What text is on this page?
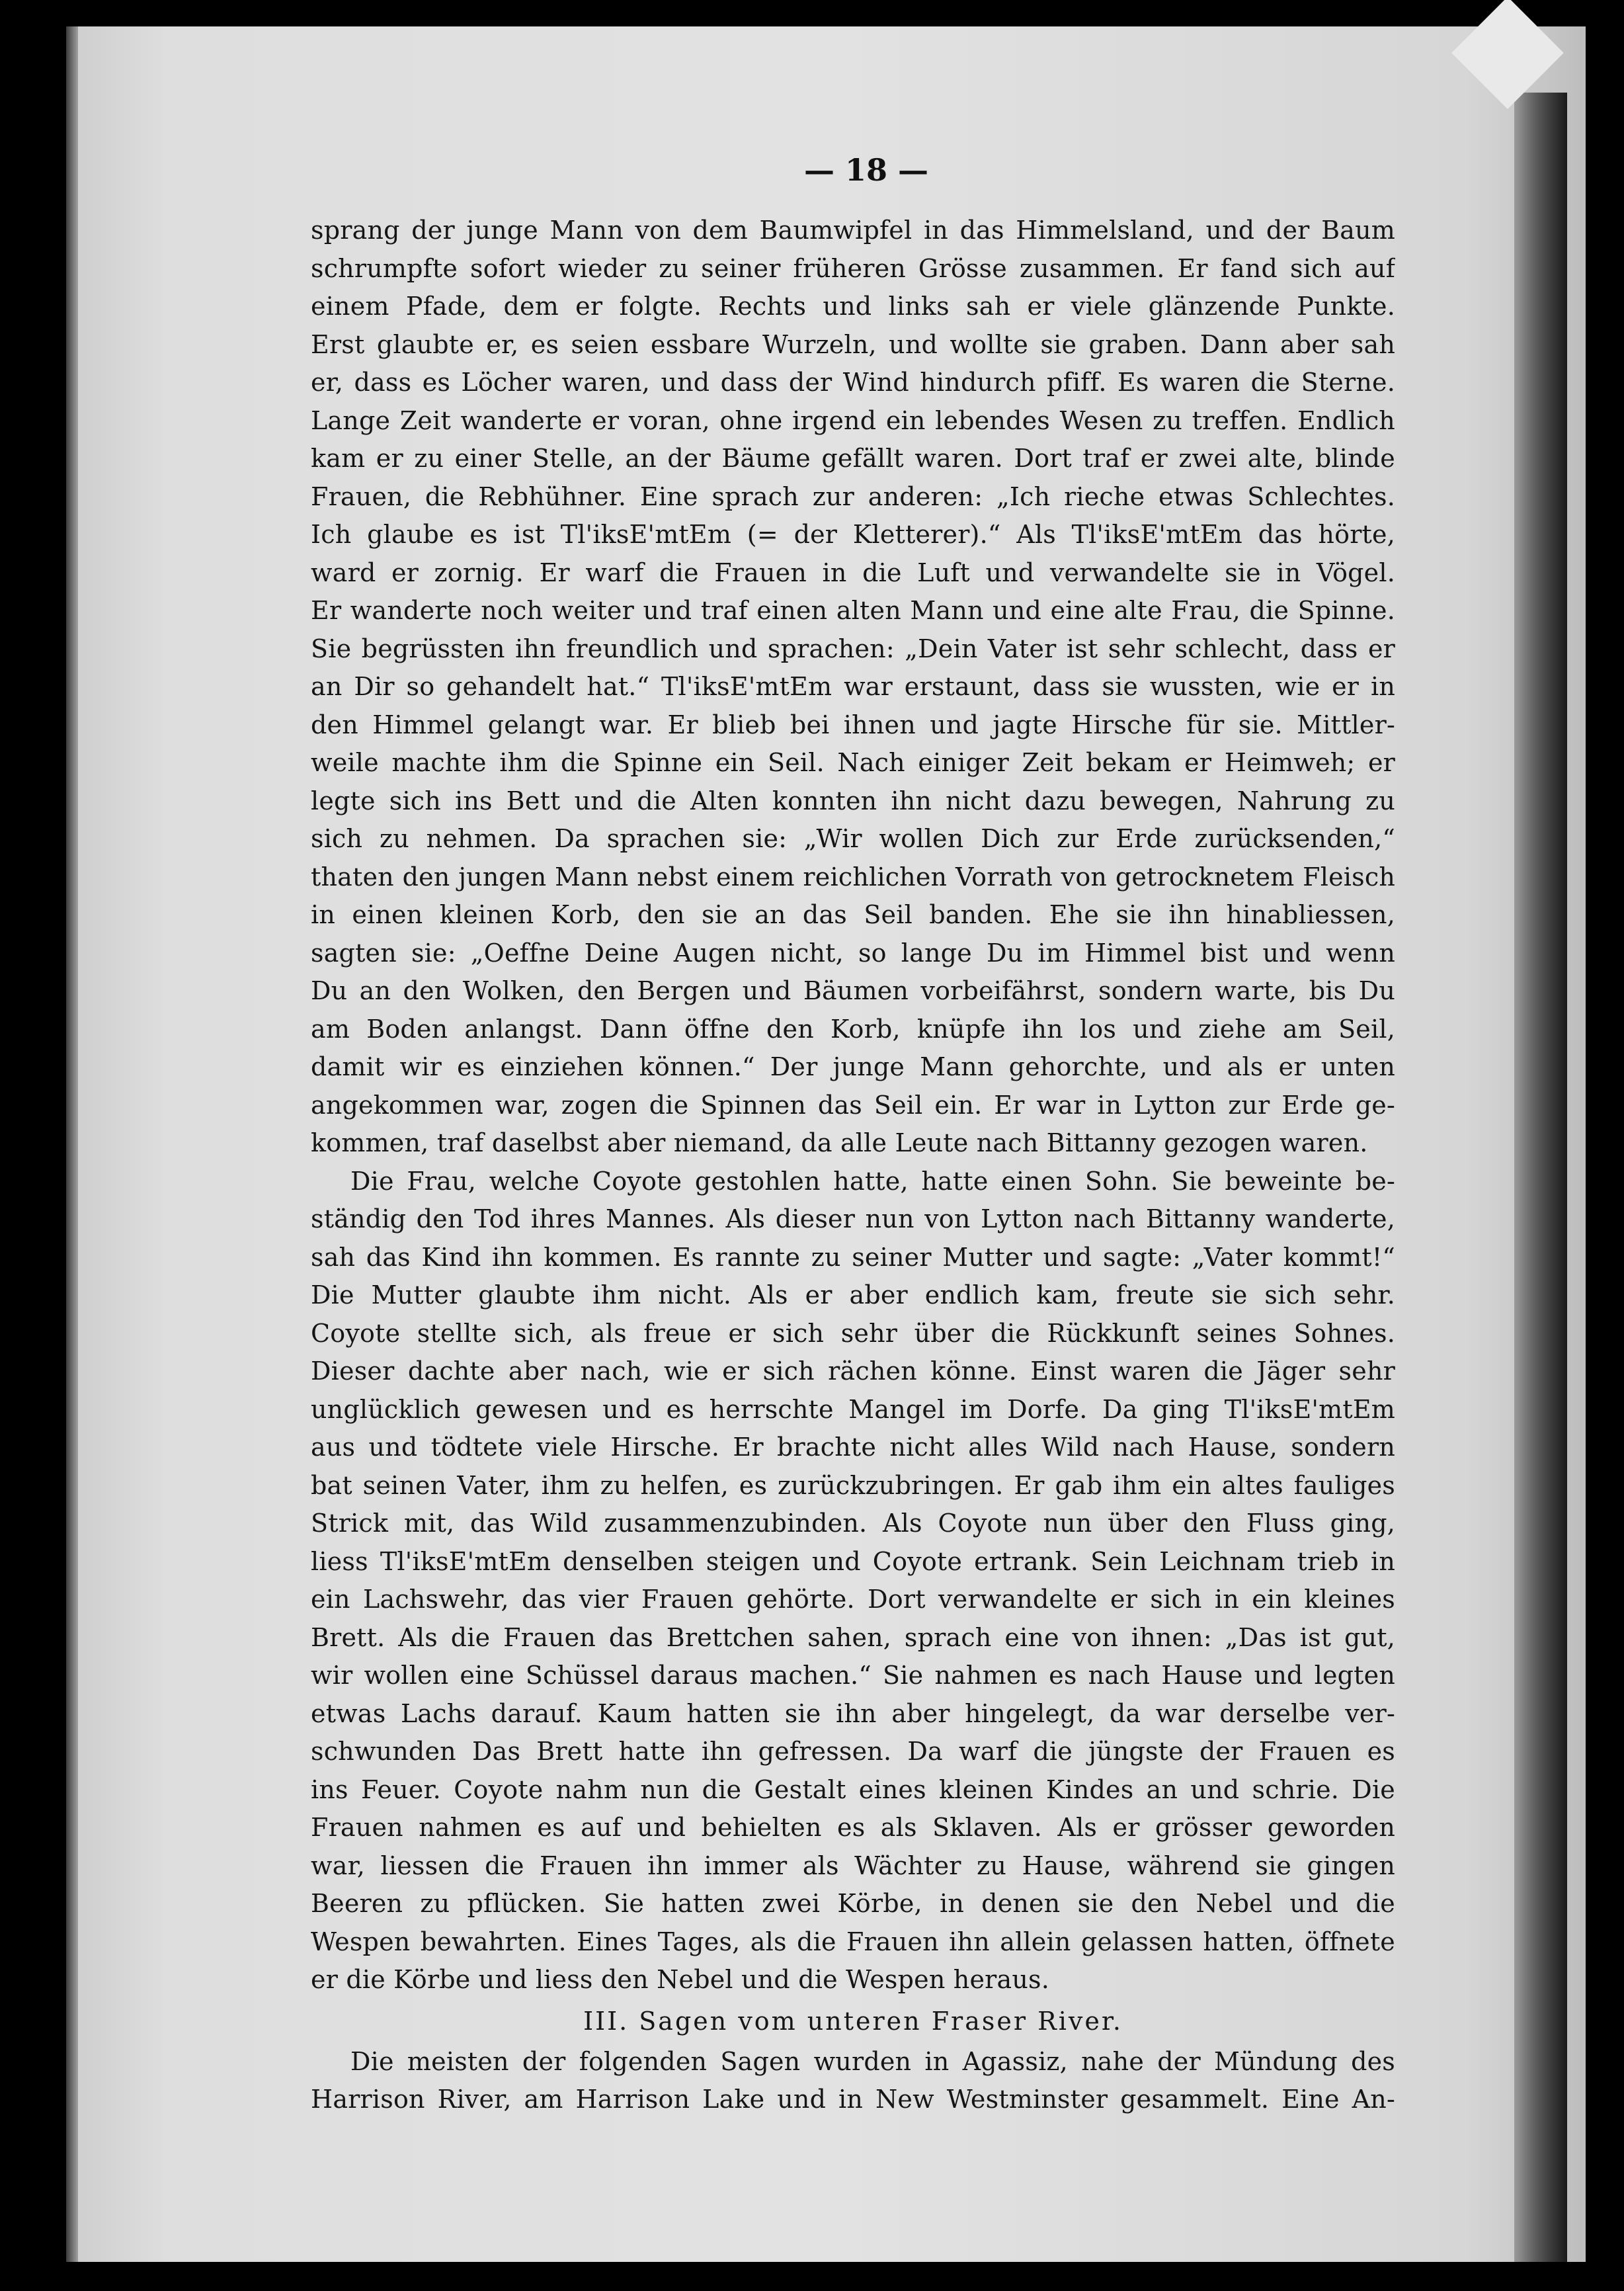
— 18 —
sprang der junge Mann von dem Baumwipfel in das Himmelsland, und der Baum
schrumpfte sofort wieder zu seiner früheren Grösse zusammen. Er fand sich auf
einem Pfade, dem er folgte. Rechts und links sah er viele glänzende Punkte.
Erst glaubte er, es seien essbare Wurzeln, und wollte sie graben. Dann aber sah
er, dass es Löcher waren, und dass der Wind hindurch pfiff. Es waren die Sterne.
Lange Zeit wanderte er voran, ohne irgend ein lebendes Wesen zu treffen. Endlich
kam er zu einer Stelle, an der Bäume gefällt waren. Dort traf er zwei alte, blinde
Frauen, die Rebhühner. Eine sprach zur anderen: „Ich rieche etwas Schlechtes.
Ich glaube es ist Tl'iksE'mtEm (= der Kletterer).“ Als Tl'iksE'mtEm das hörte,
ward er zornig. Er warf die Frauen in die Luft und verwandelte sie in Vögel.
Er wanderte noch weiter und traf einen alten Mann und eine alte Frau, die Spinne.
Sie begrüssten ihn freundlich und sprachen: „Dein Vater ist sehr schlecht, dass er
an Dir so gehandelt hat.“ Tl'iksE'mtEm war erstaunt, dass sie wussten, wie er in
den Himmel gelangt war. Er blieb bei ihnen und jagte Hirsche für sie. Mittler-
weile machte ihm die Spinne ein Seil. Nach einiger Zeit bekam er Heimweh; er
legte sich ins Bett und die Alten konnten ihn nicht dazu bewegen, Nahrung zu
sich zu nehmen. Da sprachen sie: „Wir wollen Dich zur Erde zurücksenden,“
thaten den jungen Mann nebst einem reichlichen Vorrath von getrocknetem Fleisch
in einen kleinen Korb, den sie an das Seil banden. Ehe sie ihn hinabliessen,
sagten sie: „Oeffne Deine Augen nicht, so lange Du im Himmel bist und wenn
Du an den Wolken, den Bergen und Bäumen vorbeifährst, sondern warte, bis Du
am Boden anlangst. Dann öffne den Korb, knüpfe ihn los und ziehe am Seil,
damit wir es einziehen können.“ Der junge Mann gehorchte, und als er unten
angekommen war, zogen die Spinnen das Seil ein. Er war in Lytton zur Erde ge-
kommen, traf daselbst aber niemand, da alle Leute nach Bittanny gezogen waren.
Die Frau, welche Coyote gestohlen hatte, hatte einen Sohn. Sie beweinte be-
ständig den Tod ihres Mannes. Als dieser nun von Lytton nach Bittanny wanderte,
sah das Kind ihn kommen. Es rannte zu seiner Mutter und sagte: „Vater kommt!“
Die Mutter glaubte ihm nicht. Als er aber endlich kam, freute sie sich sehr.
Coyote stellte sich, als freue er sich sehr über die Rückkunft seines Sohnes.
Dieser dachte aber nach, wie er sich rächen könne. Einst waren die Jäger sehr
unglücklich gewesen und es herrschte Mangel im Dorfe. Da ging Tl'iksE'mtEm
aus und tödtete viele Hirsche. Er brachte nicht alles Wild nach Hause, sondern
bat seinen Vater, ihm zu helfen, es zurückzubringen. Er gab ihm ein altes fauliges
Strick mit, das Wild zusammenzubinden. Als Coyote nun über den Fluss ging,
liess Tl'iksE'mtEm denselben steigen und Coyote ertrank. Sein Leichnam trieb in
ein Lachswehr, das vier Frauen gehörte. Dort verwandelte er sich in ein kleines
Brett. Als die Frauen das Brettchen sahen, sprach eine von ihnen: „Das ist gut,
wir wollen eine Schüssel daraus machen.“ Sie nahmen es nach Hause und legten
etwas Lachs darauf. Kaum hatten sie ihn aber hingelegt, da war derselbe ver-
schwunden Das Brett hatte ihn gefressen. Da warf die jüngste der Frauen es
ins Feuer. Coyote nahm nun die Gestalt eines kleinen Kindes an und schrie. Die
Frauen nahmen es auf und behielten es als Sklaven. Als er grösser geworden
war, liessen die Frauen ihn immer als Wächter zu Hause, während sie gingen
Beeren zu pflücken. Sie hatten zwei Körbe, in denen sie den Nebel und die
Wespen bewahrten. Eines Tages, als die Frauen ihn allein gelassen hatten, öffnete
er die Körbe und liess den Nebel und die Wespen heraus.
III. Sagen vom unteren Fraser River.
Die meisten der folgenden Sagen wurden in Agassiz, nahe der Mündung des
Harrison River, am Harrison Lake und in New Westminster gesammelt. Eine An-
